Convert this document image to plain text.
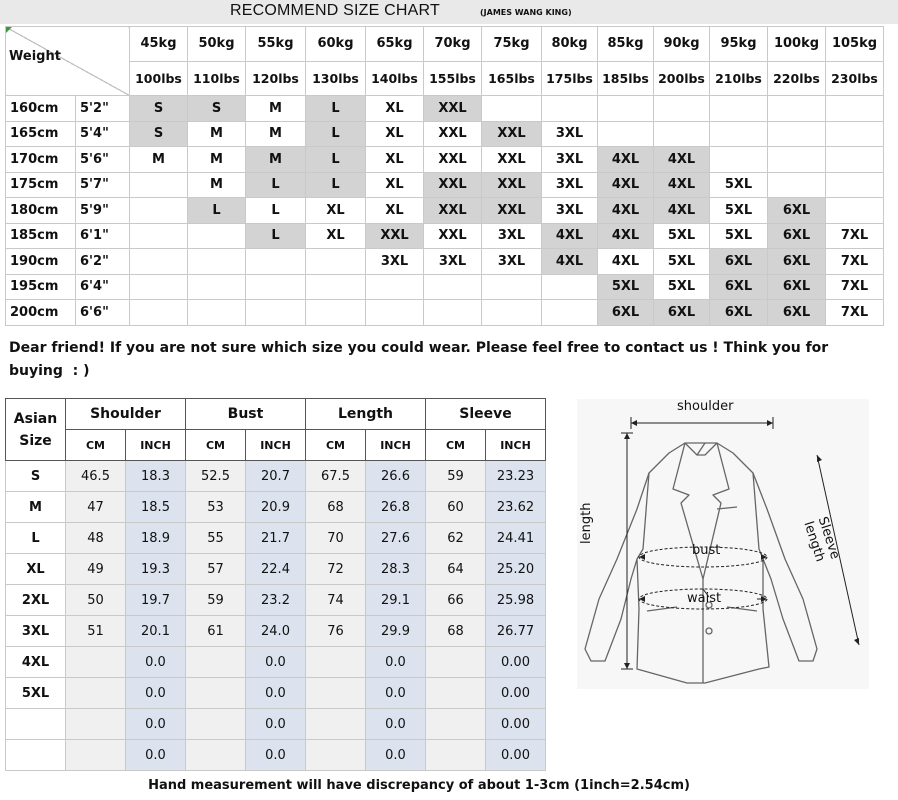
RECOMMEND SIZE CHART	(JAMES WANG KING)
Weight		45kg	50kg	55kg	60kg	65kg	70kg	75kg	80kg	85kg	90kg	95kg	100kg	105kg
		100lbs	110lbs	120lbs	130lbs	140lbs	155lbs	165lbs	175lbs	185lbs	200lbs	210lbs	220lbs	230lbs
160cm	5'2"	S	S	M	L	XL	XXL							
165cm	5'4"	S	M	M	L	XL	XXL	XXL	3XL					
170cm	5'6"	M	M	M	L	XL	XXL	XXL	3XL	4XL	4XL			
175cm	5'7"		M	L	L	XL	XXL	XXL	3XL	4XL	4XL	5XL		
180cm	5'9"		L	L	XL	XL	XXL	XXL	3XL	4XL	4XL	5XL	6XL	
185cm	6'1"			L	XL	XXL	XXL	3XL	4XL	4XL	5XL	5XL	6XL	7XL
190cm	6'2"					3XL	3XL	3XL	4XL	4XL	5XL	6XL	6XL	7XL
195cm	6'4"									5XL	5XL	6XL	6XL	7XL
200cm	6'6"									6XL	6XL	6XL	6XL	7XL

Dear friend! If you are not sure which size you could wear. Please feel free to contact us ! Think you for buying  : )

Asian
Size	Shoulder		Bust		Length		Sleeve	
	CM	INCH	CM	INCH	CM	INCH	CM	INCH
S	46.5	18.3	52.5	20.7	67.5	26.6	59	23.23
M	47	18.5	53	20.9	68	26.8	60	23.62
L	48	18.9	55	21.7	70	27.6	62	24.41
XL	49	19.3	57	22.4	72	28.3	64	25.20
2XL	50	19.7	59	23.2	74	29.1	66	25.98
3XL	51	20.1	61	24.0	76	29.9	68	26.77
4XL		0.0		0.0		0.0		0.00
5XL		0.0		0.0		0.0		0.00
		0.0		0.0		0.0		0.00
		0.0		0.0		0.0		0.00
shoulder
length
bust
waist
Sleeve length
Hand measurement will have discrepancy of about 1-3cm (1inch=2.54cm)
